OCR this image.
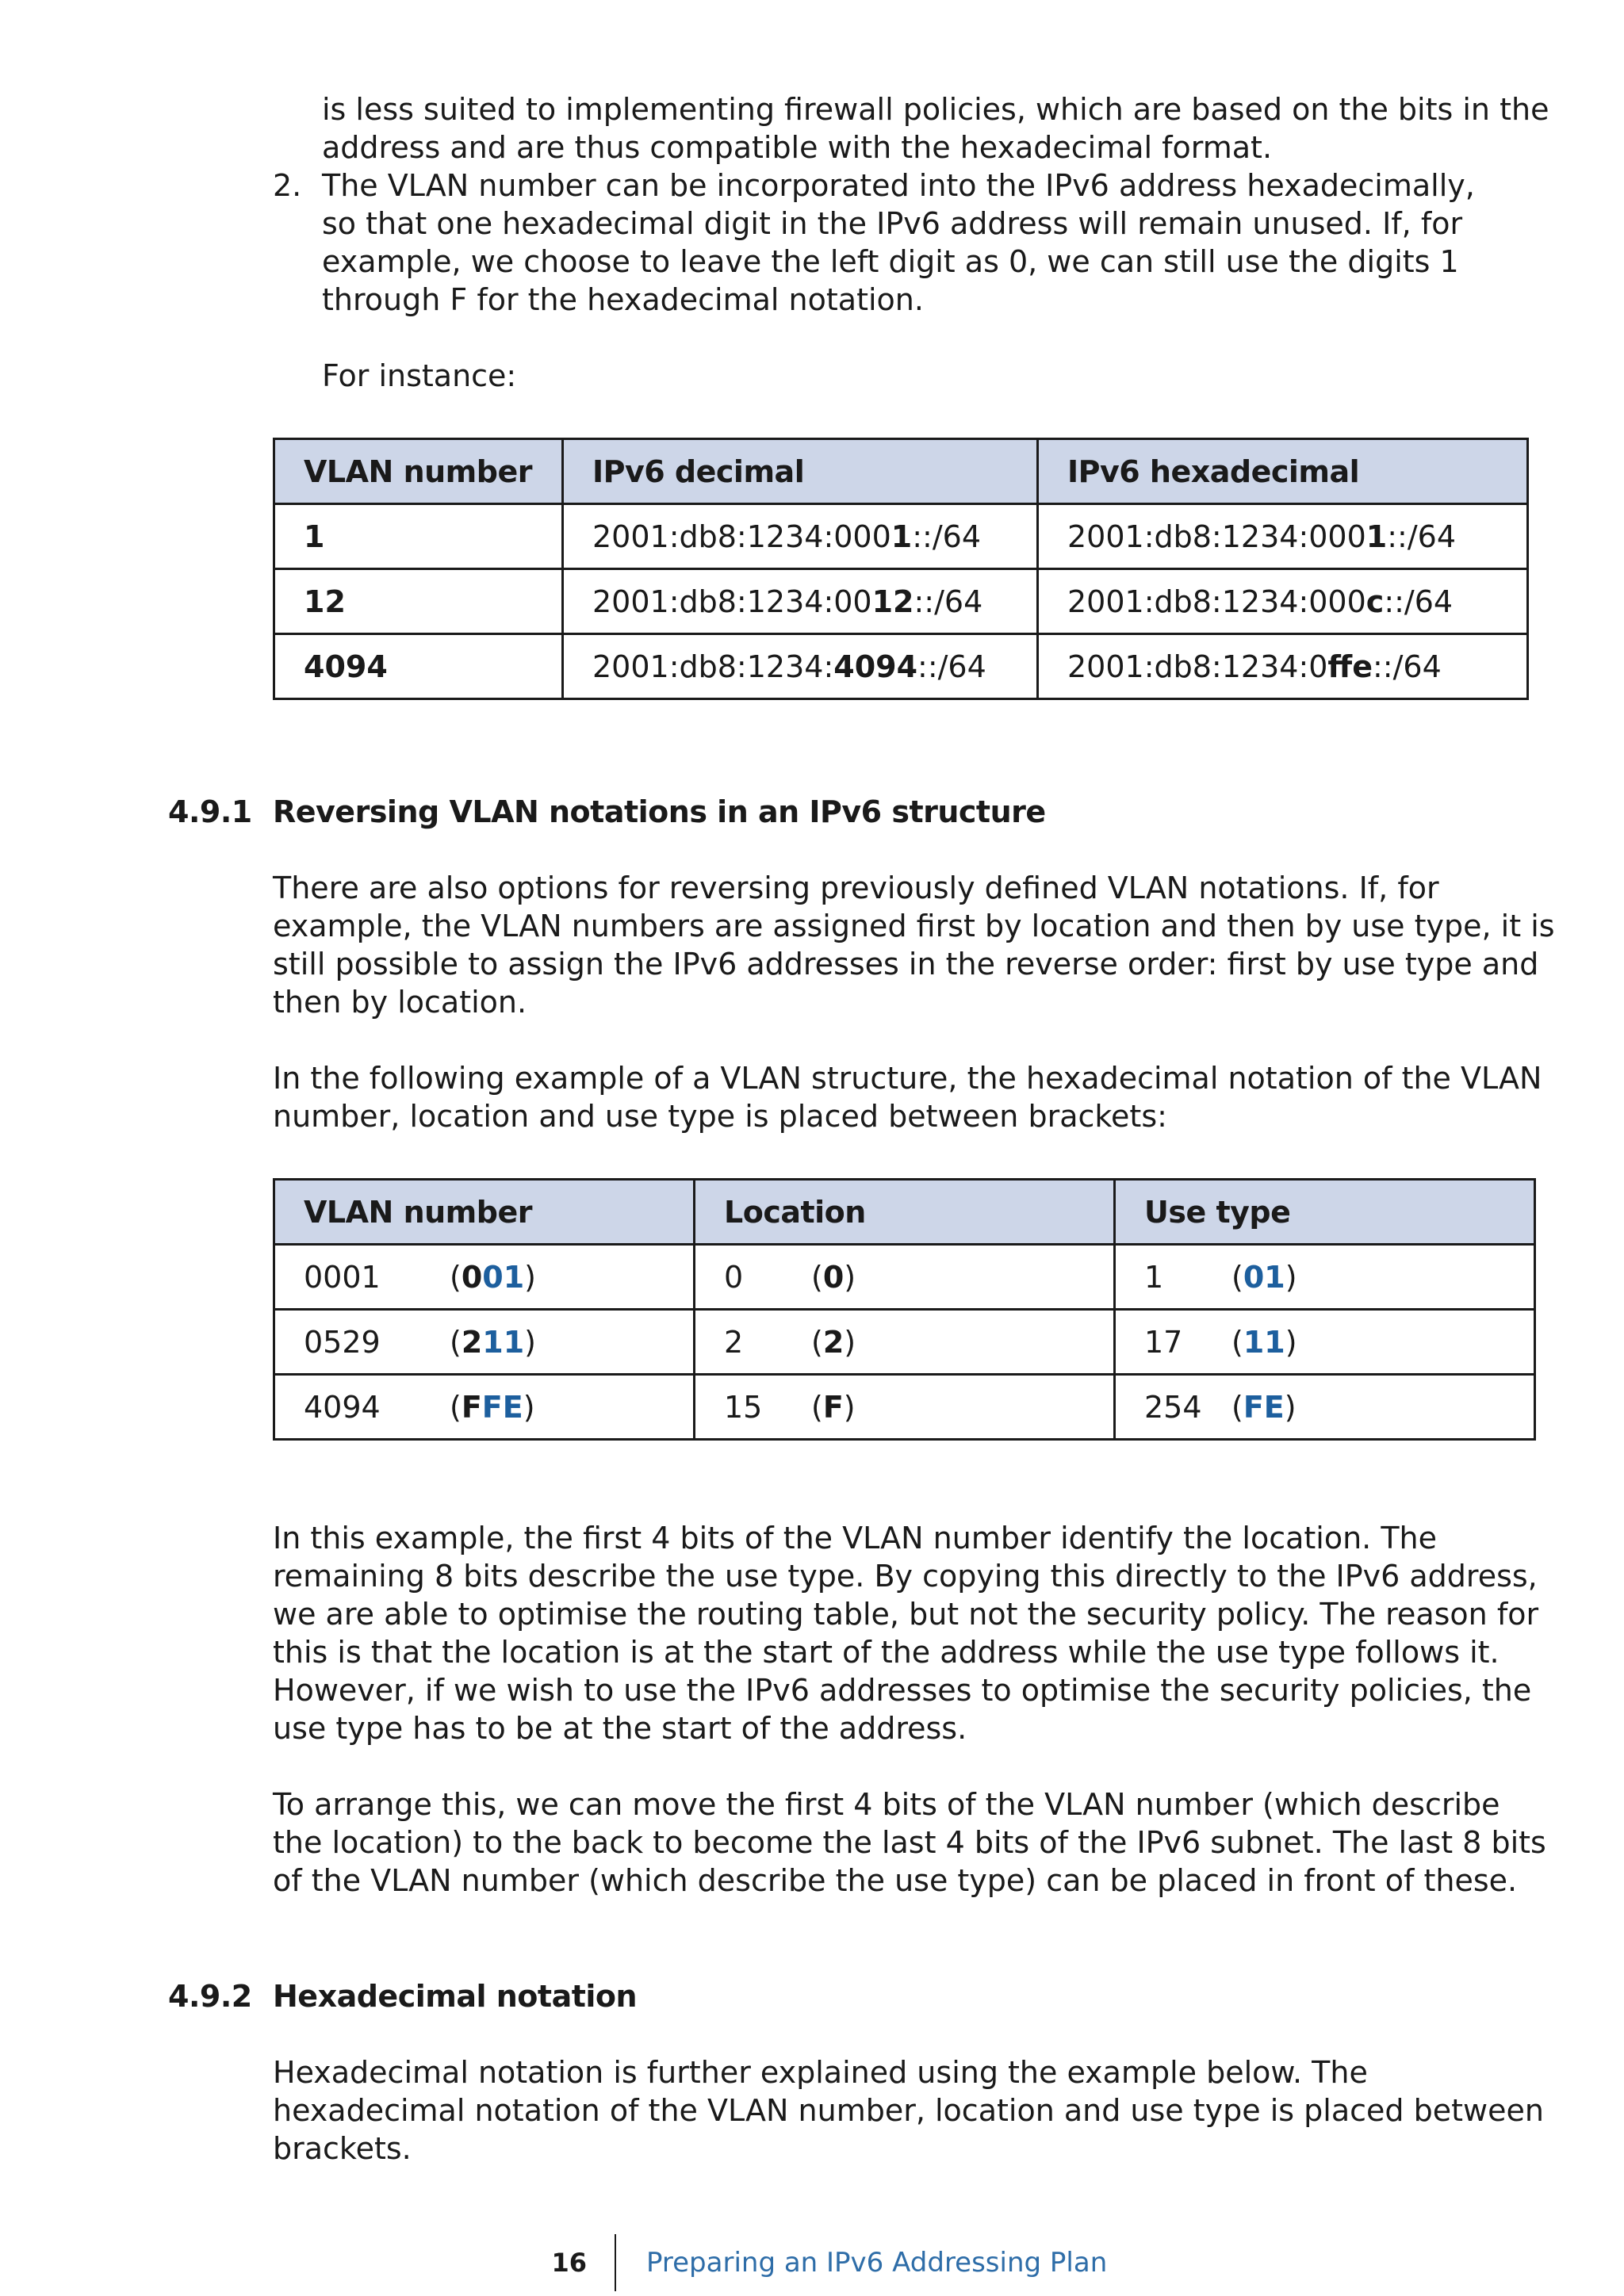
is less suited to implementing firewall policies, which are based on the bits in the
address and are thus compatible with the hexadecimal format.
2. The VLAN number can be incorporated into the IPv6 address hexadecimally,
so that one hexadecimal digit in the IPv6 address will remain unused. If, for
example, we choose to leave the left digit as 0, we can still use the digits 1
through F for the hexadecimal notation.
For instance:
VLAN number	IPv6 decimal	IPv6 hexadecimal
1	2001:db8:1234:0001::/64	2001:db8:1234:0001::/64
12	2001:db8:1234:0012::/64	2001:db8:1234:000c::/64
4094	2001:db8:1234:4094::/64	2001:db8:1234:0ffe::/64
4.9.1 Reversing VLAN notations in an IPv6 structure
There are also options for reversing previously defined VLAN notations. If, for
example, the VLAN numbers are assigned first by location and then by use type, it is
still possible to assign the IPv6 addresses in the reverse order: first by use type and
then by location.
In the following example of a VLAN structure, the hexadecimal notation of the VLAN
number, location and use type is placed between brackets:
VLAN number	Location	Use type
0001 (001)	0 (0)	1 (01)
0529 (211)	2 (2)	17 (11)
4094 (FFE)	15 (F)	254 (FE)
In this example, the first 4 bits of the VLAN number identify the location. The
remaining 8 bits describe the use type. By copying this directly to the IPv6 address,
we are able to optimise the routing table, but not the security policy. The reason for
this is that the location is at the start of the address while the use type follows it.
However, if we wish to use the IPv6 addresses to optimise the security policies, the
use type has to be at the start of the address.
To arrange this, we can move the first 4 bits of the VLAN number (which describe
the location) to the back to become the last 4 bits of the IPv6 subnet. The last 8 bits
of the VLAN number (which describe the use type) can be placed in front of these.
4.9.2 Hexadecimal notation
Hexadecimal notation is further explained using the example below. The
hexadecimal notation of the VLAN number, location and use type is placed between
brackets.
16 Preparing an IPv6 Addressing Plan
